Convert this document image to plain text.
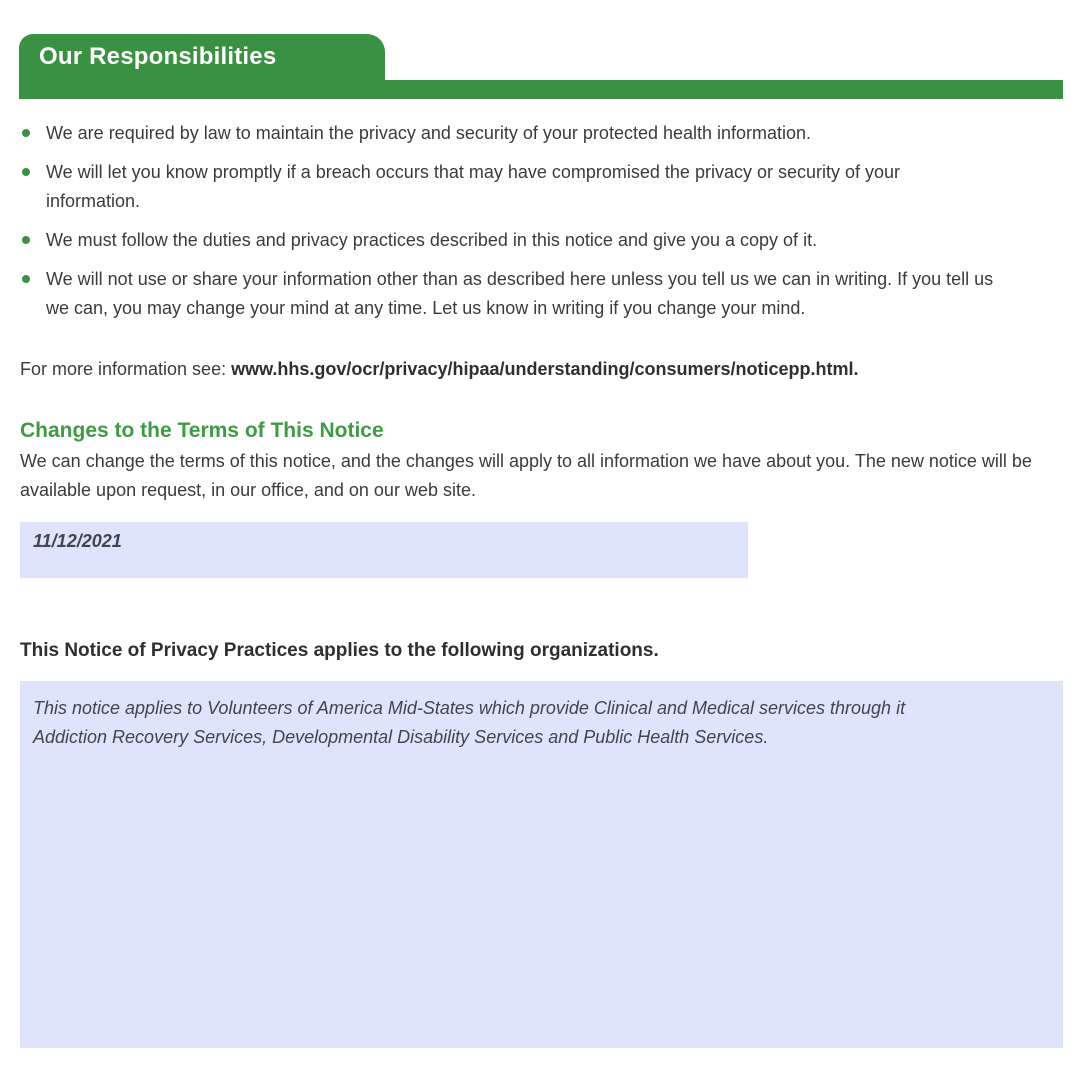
Our Responsibilities
We are required by law to maintain the privacy and security of your protected health information.
We will let you know promptly if a breach occurs that may have compromised the privacy or security of your information.
We must follow the duties and privacy practices described in this notice and give you a copy of it.
We will not use or share your information other than as described here unless you tell us we can in writing. If you tell us we can, you may change your mind at any time. Let us know in writing if you change your mind.
For more information see: www.hhs.gov/ocr/privacy/hipaa/understanding/consumers/noticepp.html.
Changes to the Terms of This Notice
We can change the terms of this notice, and the changes will apply to all information we have about you. The new notice will be available upon request, in our office, and on our web site.
11/12/2021
This Notice of Privacy Practices applies to the following organizations.
This notice applies to Volunteers of America Mid-States which provide Clinical and Medical services through it Addiction Recovery Services, Developmental Disability Services and Public Health Services.
